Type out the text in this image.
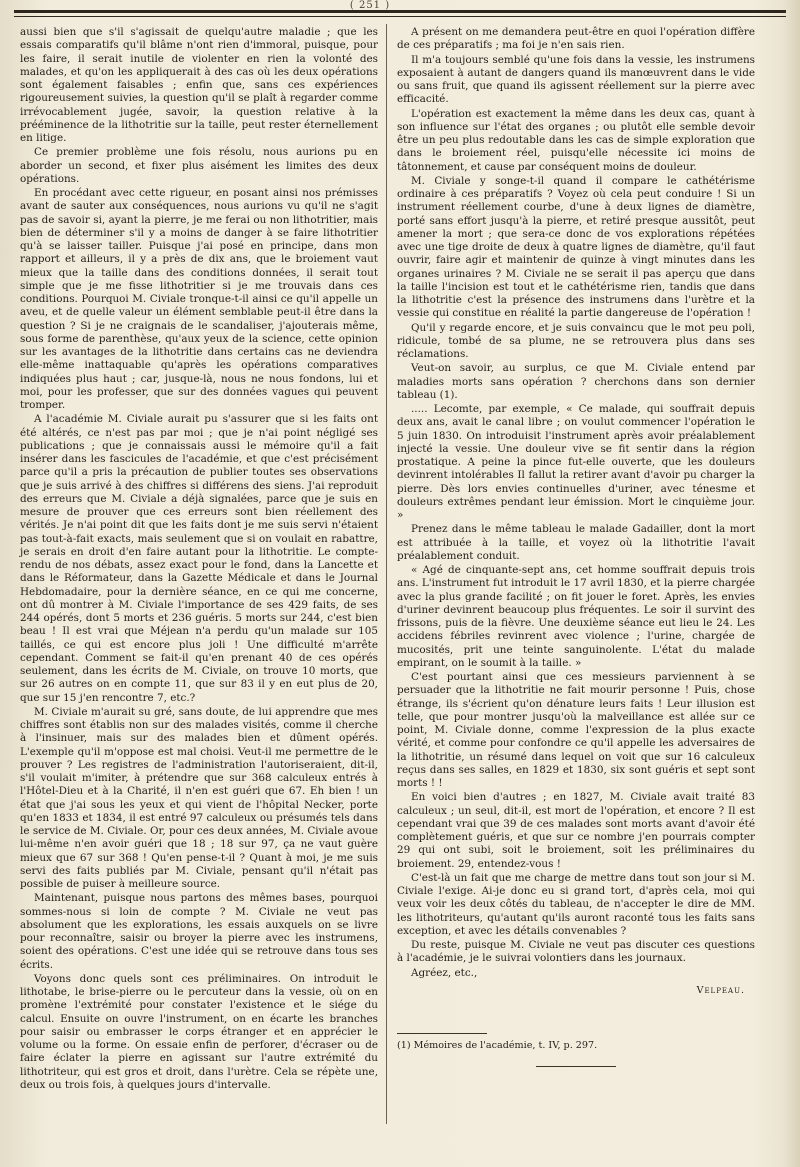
( 251 )

aussi bien que s'il s'agissait de quelqu'autre maladie ; que les essais comparatifs qu'il blâme n'ont rien d'immoral, puisque, pour les faire, il serait inutile de violenter en rien la volonté des malades, et qu'on les appliquerait à des cas où les deux opérations sont également faisables ; enfin que, sans ces expériences rigoureusement suivies, la question qu'il se plaît à regarder comme irrévocablement jugée, savoir, la question relative à la prééminence de la lithotritie sur la taille, peut rester éternellement en litige.

Ce premier problème une fois résolu, nous aurions pu en aborder un second, et fixer plus aisément les limites des deux opérations.

En procédant avec cette rigueur, en posant ainsi nos prémisses avant de sauter aux conséquences, nous aurions vu qu'il ne s'agit pas de savoir si, ayant la pierre, je me ferai ou non lithotritier, mais bien de déterminer s'il y a moins de danger à se faire lithotritier qu'à se laisser tailler. Puisque j'ai posé en principe, dans mon rapport et ailleurs, il y a près de dix ans, que le broiement vaut mieux que la taille dans des conditions données, il serait tout simple que je me fisse lithotritier si je me trouvais dans ces conditions. Pourquoi M. Civiale tronque-t-il ainsi ce qu'il appelle un aveu, et de quelle valeur un élément semblable peut-il être dans la question ? Si je ne craignais de le scandaliser, j'ajouterais même, sous forme de parenthèse, qu'aux yeux de la science, cette opinion sur les avantages de la lithotritie dans certains cas ne deviendra elle-même inattaquable qu'après les opérations comparatives indiquées plus haut ; car, jusque-là, nous ne nous fondons, lui et moi, pour les professer, que sur des données vagues qui peuvent tromper.

A l'académie M. Civiale aurait pu s'assurer que si les faits ont été altérés, ce n'est pas par moi ; que je n'ai point négligé ses publications ; que je connaissais aussi le mémoire qu'il a fait insérer dans les fascicules de l'académie, et que c'est précisément parce qu'il a pris la précaution de publier toutes ses observations que je suis arrivé à des chiffres si différens des siens. J'ai reproduit des erreurs que M. Civiale a déjà signalées, parce que je suis en mesure de prouver que ces erreurs sont bien réellement des vérités. Je n'ai point dit que les faits dont je me suis servi n'étaient pas tout-à-fait exacts, mais seulement que si on voulait en rabattre, je serais en droit d'en faire autant pour la lithotritie. Le compte-rendu de nos débats, assez exact pour le fond, dans la Lancette et dans le Réformateur, dans la Gazette Médicale et dans le Journal Hebdomadaire, pour la dernière séance, en ce qui me concerne, ont dû montrer à M. Civiale l'importance de ses 429 faits, de ses 244 opérés, dont 5 morts et 236 guéris. 5 morts sur 244, c'est bien beau ! Il est vrai que Méjean n'a perdu qu'un malade sur 105 taillés, ce qui est encore plus joli ! Une difficulté m'arrête cependant. Comment se fait-il qu'en prenant 40 de ces opérés seulement, dans les écrits de M. Civiale, on trouve 10 morts, que sur 26 autres on en compte 11, que sur 83 il y en eut plus de 20, que sur 15 j'en rencontre 7, etc.?

M. Civiale m'aurait su gré, sans doute, de lui apprendre que mes chiffres sont établis non sur des malades visités, comme il cherche à l'insinuer, mais sur des malades bien et dûment opérés. L'exemple qu'il m'oppose est mal choisi. Veut-il me permettre de le prouver ? Les registres de l'administration l'autoriseraient, dit-il, s'il voulait m'imiter, à prétendre que sur 368 calculeux entrés à l'Hôtel-Dieu et à la Charité, il n'en est guéri que 67. Eh bien ! un état que j'ai sous les yeux et qui vient de l'hôpital Necker, porte qu'en 1833 et 1834, il est entré 97 calculeux ou présumés tels dans le service de M. Civiale. Or, pour ces deux années, M. Civiale avoue lui-même n'en avoir guéri que 18 ; 18 sur 97, ça ne vaut guère mieux que 67 sur 368 ! Qu'en pense-t-il ? Quant à moi, je me suis servi des faits publiés par M. Civiale, pensant qu'il n'était pas possible de puiser à meilleure source.

Maintenant, puisque nous partons des mêmes bases, pourquoi sommes-nous si loin de compte ? M. Civiale ne veut pas absolument que les explorations, les essais auxquels on se livre pour reconnaître, saisir ou broyer la pierre avec les instrumens, soient des opérations. C'est une idée qui se retrouve dans tous ses écrits.

Voyons donc quels sont ces préliminaires. On introduit le lithotabe, le brise-pierre ou le percuteur dans la vessie, où on en promène l'extrémité pour constater l'existence et le siége du calcul. Ensuite on ouvre l'instrument, on en écarte les branches pour saisir ou embrasser le corps étranger et en apprécier le volume ou la forme. On essaie enfin de perforer, d'écraser ou de faire éclater la pierre en agissant sur l'autre extrémité du lithotriteur, qui est gros et droit, dans l'urètre. Cela se répète une, deux ou trois fois, à quelques jours d'intervalle.

A présent on me demandera peut-être en quoi l'opération diffère de ces préparatifs ; ma foi je n'en sais rien.

Il m'a toujours semblé qu'une fois dans la vessie, les instrumens exposaient à autant de dangers quand ils manœuvrent dans le vide ou sans fruit, que quand ils agissent réellement sur la pierre avec efficacité.

L'opération est exactement la même dans les deux cas, quant à son influence sur l'état des organes ; ou plutôt elle semble devoir être un peu plus redoutable dans les cas de simple exploration que dans le broiement réel, puisqu'elle nécessite ici moins de tâtonnement, et cause par conséquent moins de douleur.

M. Civiale y songe-t-il quand il compare le cathétérisme ordinaire à ces préparatifs ? Voyez où cela peut conduire ! Si un instrument réellement courbe, d'une à deux lignes de diamètre, porté sans effort jusqu'à la pierre, et retiré presque aussitôt, peut amener la mort ; que sera-ce donc de vos explorations répétées avec une tige droite de deux à quatre lignes de diamètre, qu'il faut ouvrir, faire agir et maintenir de quinze à vingt minutes dans les organes urinaires ? M. Civiale ne se serait il pas aperçu que dans la taille l'incision est tout et le cathétérisme rien, tandis que dans la lithotritie c'est la présence des instrumens dans l'urètre et la vessie qui constitue en réalité la partie dangereuse de l'opération !

Qu'il y regarde encore, et je suis convaincu que le mot peu poli, ridicule, tombé de sa plume, ne se retrouvera plus dans ses réclamations.

Veut-on savoir, au surplus, ce que M. Civiale entend par maladies morts sans opération ? cherchons dans son dernier tableau (1).

..... Lecomte, par exemple, « Ce malade, qui souffrait depuis deux ans, avait le canal libre ; on voulut commencer l'opération le 5 juin 1830. On introduisit l'instrument après avoir préalablement injecté la vessie. Une douleur vive se fit sentir dans la région prostatique. A peine la pince fut-elle ouverte, que les douleurs devinrent intolérables Il fallut la retirer avant d'avoir pu charger la pierre. Dès lors envies continuelles d'uriner, avec ténesme et douleurs extrêmes pendant leur émission. Mort le cinquième jour. »

Prenez dans le même tableau le malade Gadailler, dont la mort est attribuée à la taille, et voyez où la lithotritie l'avait préalablement conduit.

« Agé de cinquante-sept ans, cet homme souffrait depuis trois ans. L'instrument fut introduit le 17 avril 1830, et la pierre chargée avec la plus grande facilité ; on fit jouer le foret. Après, les envies d'uriner devinrent beaucoup plus fréquentes. Le soir il survint des frissons, puis de la fièvre. Une deuxième séance eut lieu le 24. Les accidens fébriles revinrent avec violence ; l'urine, chargée de mucosités, prit une teinte sanguinolente. L'état du malade empirant, on le soumit à la taille. »

C'est pourtant ainsi que ces messieurs parviennent à se persuader que la lithotritie ne fait mourir personne ! Puis, chose étrange, ils s'écrient qu'on dénature leurs faits ! Leur illusion est telle, que pour montrer jusqu'où la malveillance est allée sur ce point, M. Civiale donne, comme l'expression de la plus exacte vérité, et comme pour confondre ce qu'il appelle les adversaires de la lithotritie, un résumé dans lequel on voit que sur 16 calculeux reçus dans ses salles, en 1829 et 1830, six sont guéris et sept sont morts ! !

En voici bien d'autres ; en 1827, M. Civiale avait traité 83 calculeux ; un seul, dit-il, est mort de l'opération, et encore ? Il est cependant vrai que 39 de ces malades sont morts avant d'avoir été complètement guéris, et que sur ce nombre j'en pourrais compter 29 qui ont subi, soit le broiement, soit les préliminaires du broiement. 29, entendez-vous !

C'est-là un fait que me charge de mettre dans tout son jour si M. Civiale l'exige. Ai-je donc eu si grand tort, d'après cela, moi qui veux voir les deux côtés du tableau, de n'accepter le dire de MM. les lithotriteurs, qu'autant qu'ils auront raconté tous les faits sans exception, et avec les détails convenables ?

Du reste, puisque M. Civiale ne veut pas discuter ces questions à l'académie, je le suivrai volontiers dans les journaux.

Agréez, etc.,

Velpeau.

(1) Mémoires de l'académie, t. IV, p. 297.
